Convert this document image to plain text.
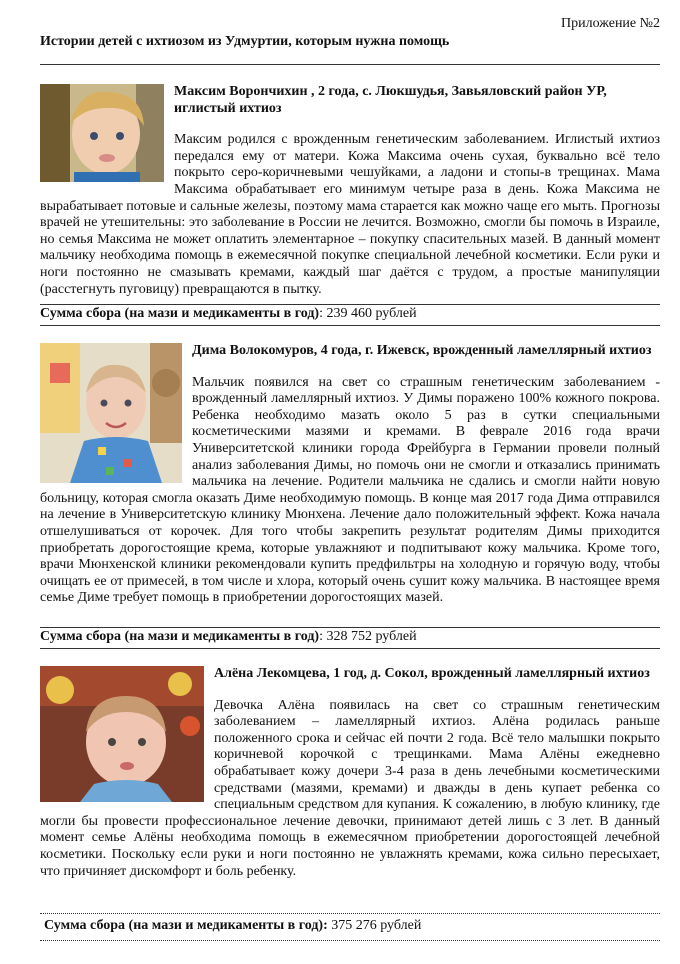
Приложение №2
Истории детей с ихтиозом из Удмуртии, которым нужна помощь
Максим Ворончихин , 2 года, с. Люкшудья, Завьяловский район УР, иглистый ихтиоз

Максим родился с врожденным генетическим заболеванием. Иглистый ихтиоз передался ему от матери. Кожа Максима очень сухая, буквально всё тело покрыто серо-коричневыми чешуйками, а ладони и стопы-в трещинах. Мама Максима обрабатывает его минимум четыре раза в день. Кожа Максима не вырабатывает потовые и сальные железы, поэтому мама старается как можно чаще его мыть. Прогнозы врачей не утешительны: это заболевание в России не лечится. Возможно, смогли бы помочь в Израиле, но семья Максима не может оплатить элементарное – покупку спасительных мазей. В данный момент мальчику необходима помощь в ежемесячной покупке специальной лечебной косметики. Если руки и ноги постоянно не смазывать кремами, каждый шаг даётся с трудом, а простые манипуляции (расстегнуть пуговицу) превращаются в пытку.

Сумма сбора (на мази и медикаменты в год): 239 460 рублей
Дима Волокомуров, 4 года, г. Ижевск, врожденный ламеллярный ихтиоз

Мальчик появился на свет со страшным генетическим заболеванием - врожденный ламеллярный ихтиоз. У Димы поражено 100% кожного покрова. Ребенка необходимо мазать около 5 раз в сутки специальными косметическими мазями и кремами. В феврале 2016 года врачи Университетской клиники города Фрейбурга в Германии провели полный анализ заболевания Димы, но помочь они не смогли и отказались принимать мальчика на лечение. Родители мальчика не сдались и смогли найти новую больницу, которая смогла оказать Диме необходимую помощь. В конце мая 2017 года Дима отправился на лечение в Университетскую клинику Мюнхена. Лечение дало положительный эффект. Кожа начала отшелушиваться от корочек. Для того чтобы закрепить результат родителям Димы приходится приобретать дорогостоящие крема, которые увлажняют и подпитывают кожу мальчика. Кроме того, врачи Мюнхенской клиники рекомендовали купить предфильтры на холодную и горячую воду, чтобы очищать ее от примесей, в том числе и хлора, который очень сушит кожу мальчика. В настоящее время семье Диме требует помощь в приобретении дорогостоящих мазей.

Сумма сбора (на мази и медикаменты в год): 328 752 рублей
Алёна Лекомцева, 1 год, д. Сокол, врожденный ламеллярный ихтиоз

Девочка Алёна появилась на свет со страшным генетическим заболеванием – ламеллярный ихтиоз. Алёна родилась раньше положенного срока и сейчас ей почти 2 года. Всё тело малышки покрыто коричневой корочкой с трещинками. Мама Алёны ежедневно обрабатывает кожу дочери 3-4 раза в день лечебными косметическими средствами (мазями, кремами) и дважды в день купает ребенка со специальным средством для купания. К сожалению, в любую клинику, где могли бы провести профессиональное лечение девочки, принимают детей лишь с 3 лет. В данный момент семье Алёны необходима помощь в ежемесячном приобретении дорогостоящей лечебной косметики. Поскольку если руки и ноги постоянно не увлажнять кремами, кожа сильно пересыхает, что причиняет дискомфорт и боль ребенку.

Сумма сбора (на мази и медикаменты в год): 375 276 рублей
